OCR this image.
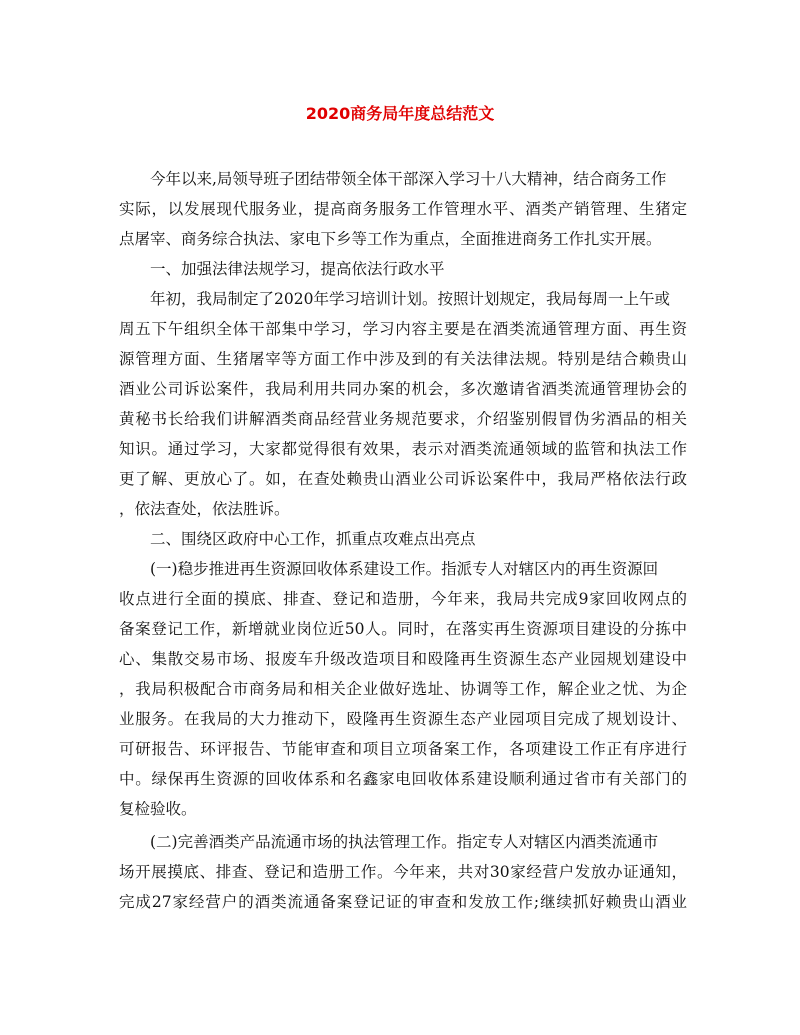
2020商务局年度总结范文
今年以来,局领导班子团结带领全体干部深入学习十八大精神，结合商务工作
实际，以发展现代服务业，提高商务服务工作管理水平、酒类产销管理、生猪定
点屠宰、商务综合执法、家电下乡等工作为重点，全面推进商务工作扎实开展。
一、加强法律法规学习，提高依法行政水平
年初，我局制定了2020年学习培训计划。按照计划规定，我局每周一上午或
周五下午组织全体干部集中学习，学习内容主要是在酒类流通管理方面、再生资
源管理方面、生猪屠宰等方面工作中涉及到的有关法律法规。特别是结合赖贵山
酒业公司诉讼案件，我局利用共同办案的机会，多次邀请省酒类流通管理协会的
黄秘书长给我们讲解酒类商品经营业务规范要求，介绍鉴别假冒伪劣酒品的相关
知识。通过学习，大家都觉得很有效果，表示对酒类流通领域的监管和执法工作
更了解、更放心了。如，在查处赖贵山酒业公司诉讼案件中，我局严格依法行政
，依法查处，依法胜诉。
二、围绕区政府中心工作，抓重点攻难点出亮点
(一)稳步推进再生资源回收体系建设工作。指派专人对辖区内的再生资源回
收点进行全面的摸底、排查、登记和造册，今年来，我局共完成9家回收网点的
备案登记工作，新增就业岗位近50人。同时，在落实再生资源项目建设的分拣中
心、集散交易市场、报废车升级改造项目和殴隆再生资源生态产业园规划建设中
，我局积极配合市商务局和相关企业做好选址、协调等工作，解企业之忧、为企
业服务。在我局的大力推动下，殴隆再生资源生态产业园项目完成了规划设计、
可研报告、环评报告、节能审查和项目立项备案工作，各项建设工作正有序进行
中。绿保再生资源的回收体系和名鑫家电回收体系建设顺利通过省市有关部门的
复检验收。
(二)完善酒类产品流通市场的执法管理工作。指定专人对辖区内酒类流通市
场开展摸底、排查、登记和造册工作。今年来，共对30家经营户发放办证通知，
完成27家经营户的酒类流通备案登记证的审查和发放工作;继续抓好赖贵山酒业
